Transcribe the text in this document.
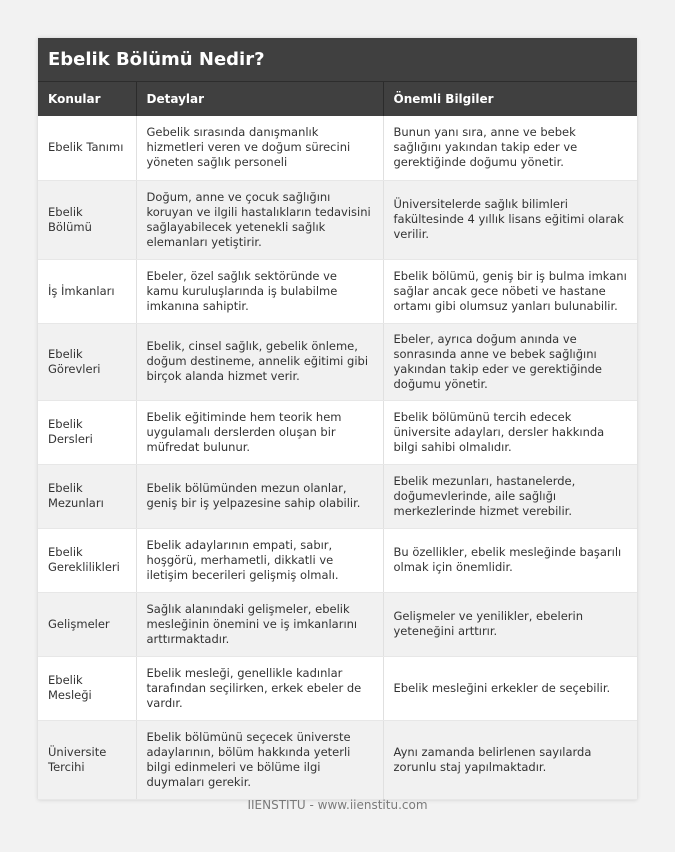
Ebelik Bölümü Nedir?
Konular	Detaylar	Önemli Bilgiler
Ebelik Tanımı	Gebelik sırasında danışmanlık hizmetleri veren ve doğum sürecini yöneten sağlık personeli	Bunun yanı sıra, anne ve bebek sağlığını yakından takip eder ve gerektiğinde doğumu yönetir.
Ebelik Bölümü	Doğum, anne ve çocuk sağlığını koruyan ve ilgili hastalıkların tedavisini sağlayabilecek yetenekli sağlık elemanları yetiştirir.	Üniversitelerde sağlık bilimleri fakültesinde 4 yıllık lisans eğitimi olarak verilir.
İş İmkanları	Ebeler, özel sağlık sektöründe ve kamu kuruluşlarında iş bulabilme imkanına sahiptir.	Ebelik bölümü, geniş bir iş bulma imkanı sağlar ancak gece nöbeti ve hastane ortamı gibi olumsuz yanları bulunabilir.
Ebelik Görevleri	Ebelik, cinsel sağlık, gebelik önleme, doğum destineme, annelik eğitimi gibi birçok alanda hizmet verir.	Ebeler, ayrıca doğum anında ve sonrasında anne ve bebek sağlığını yakından takip eder ve gerektiğinde doğumu yönetir.
Ebelik Dersleri	Ebelik eğitiminde hem teorik hem uygulamalı derslerden oluşan bir müfredat bulunur.	Ebelik bölümünü tercih edecek üniversite adayları, dersler hakkında bilgi sahibi olmalıdır.
Ebelik Mezunları	Ebelik bölümünden mezun olanlar, geniş bir iş yelpazesine sahip olabilir.	Ebelik mezunları, hastanelerde, doğumevlerinde, aile sağlığı merkezlerinde hizmet verebilir.
Ebelik Gereklilikleri	Ebelik adaylarının empati, sabır, hoşgörü, merhametli, dikkatli ve iletişim becerileri gelişmiş olmalı.	Bu özellikler, ebelik mesleğinde başarılı olmak için önemlidir.
Gelişmeler	Sağlık alanındaki gelişmeler, ebelik mesleğinin önemini ve iş imkanlarını arttırmaktadır.	Gelişmeler ve yenilikler, ebelerin yeteneğini arttırır.
Ebelik Mesleği	Ebelik mesleği, genellikle kadınlar tarafından seçilirken, erkek ebeler de vardır.	Ebelik mesleğini erkekler de seçebilir.
Üniversite Tercihi	Ebelik bölümünü seçecek üniverste adaylarının, bölüm hakkında yeterli bilgi edinmeleri ve bölüme ilgi duymaları gerekir.	Aynı zamanda belirlenen sayılarda zorunlu staj yapılmaktadır.
IIENSTITU - www.iienstitu.com
